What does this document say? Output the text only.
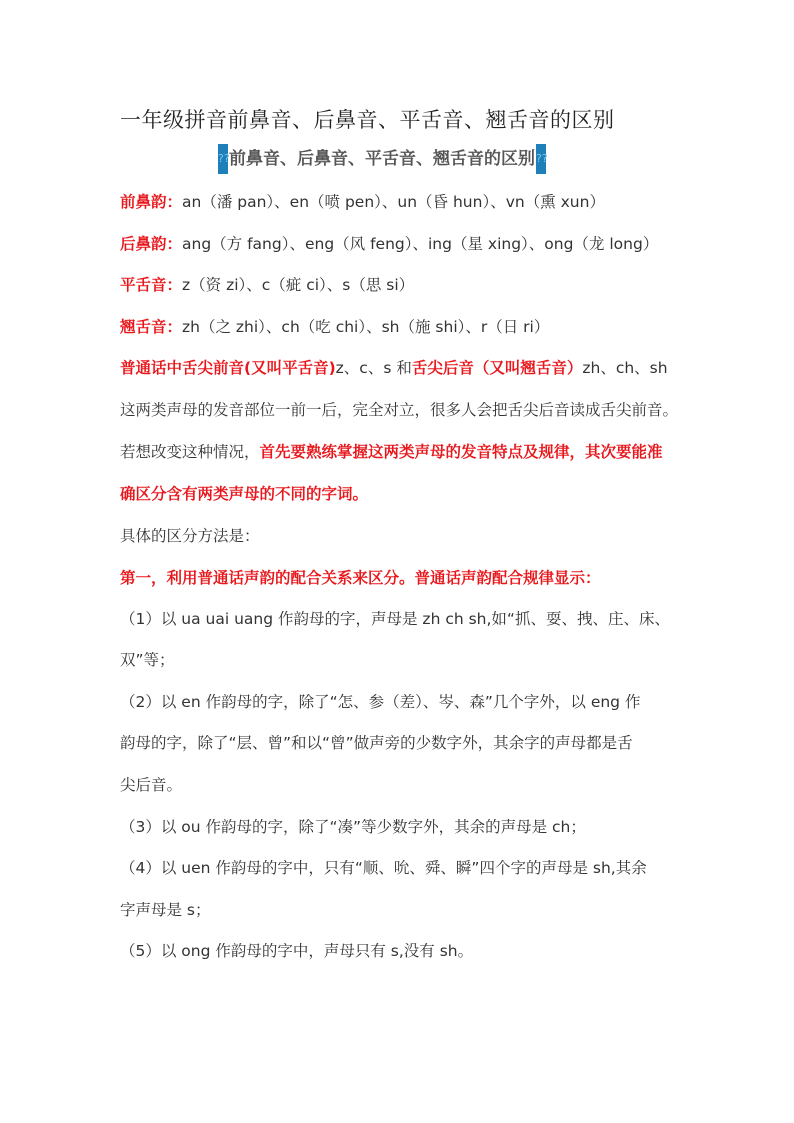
一年级拼音前鼻音、后鼻音、平舌音、翘舌音的区别
??前鼻音、后鼻音、平舌音、翘舌音的区别??
前鼻韵：an（潘 pan）、en（喷 pen）、un（昏 hun）、vn（熏 xun）
后鼻韵：ang（方 fang）、eng（风 feng）、ing（星 xing）、ong（龙 long）
平舌音：z（资 zi）、c（疵 ci）、s（思 si）
翘舌音：zh（之 zhi）、ch（吃 chi）、sh（施 shi）、r（日 ri）
普通话中舌尖前音(又叫平舌音)z、c、s 和舌尖后音（又叫翘舌音）zh、ch、sh
这两类声母的发音部位一前一后，完全对立，很多人会把舌尖后音读成舌尖前音。
若想改变这种情况，首先要熟练掌握这两类声母的发音特点及规律，其次要能准
确区分含有两类声母的不同的字词。
具体的区分方法是：
第一，利用普通话声韵的配合关系来区分。普通话声韵配合规律显示：
（1）以 ua uai uang 作韵母的字，声母是 zh ch sh,如“抓、耍、拽、庄、床、
双”等；
（2）以 en 作韵母的字，除了“怎、参（差）、岑、森”几个字外，以 eng 作
韵母的字，除了“层、曾”和以“曾”做声旁的少数字外，其余字的声母都是舌
尖后音。
（3）以 ou 作韵母的字，除了“凑”等少数字外，其余的声母是 ch；
（4）以 uen 作韵母的字中，只有“顺、吮、舜、瞬”四个字的声母是 sh,其余
字声母是 s；
（5）以 ong 作韵母的字中，声母只有 s,没有 sh。
